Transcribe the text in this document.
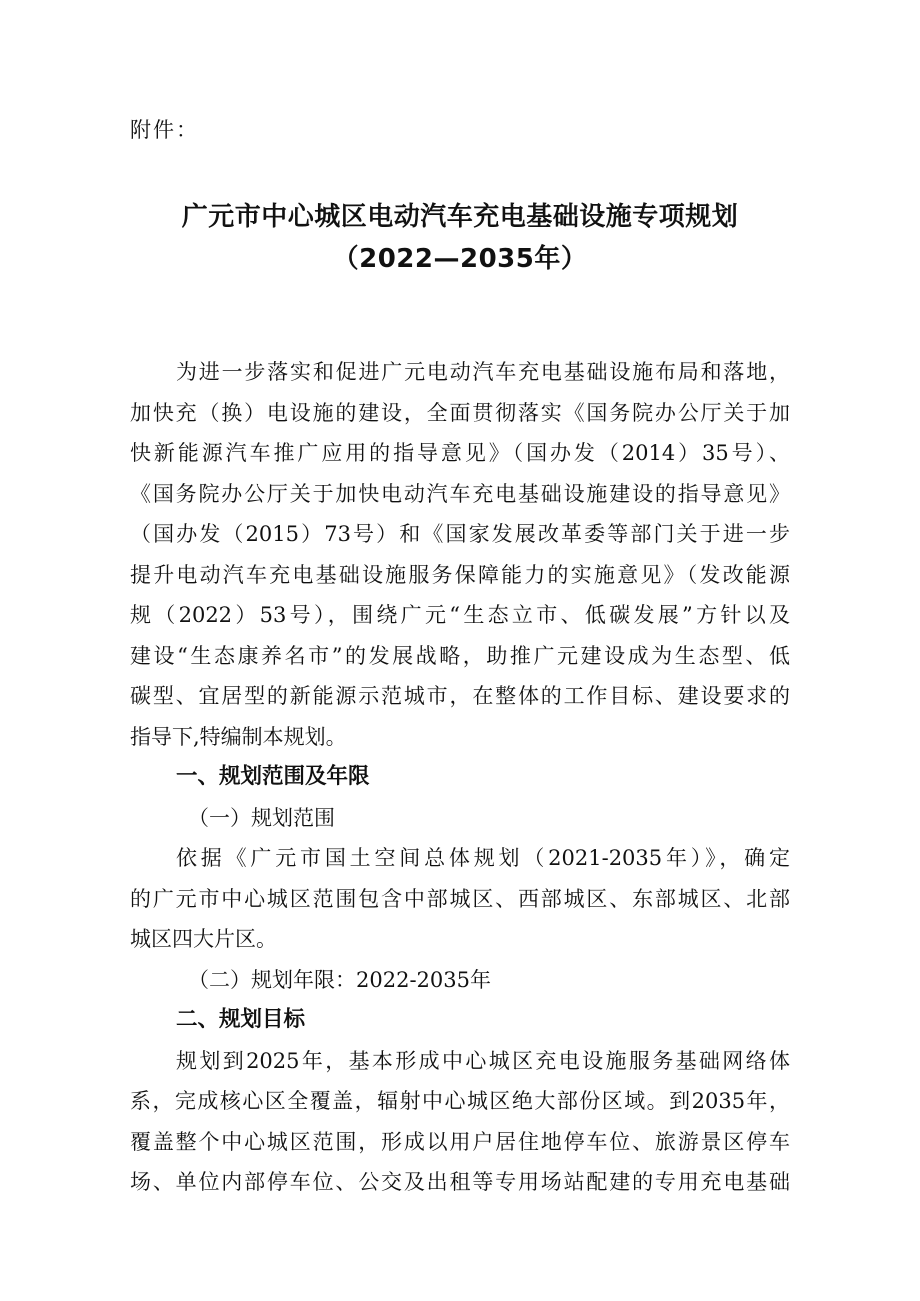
附件：
广元市中心城区电动汽车充电基础设施专项规划
（2022—2035年）
为进一步落实和促进广元电动汽车充电基础设施布局和落地，
加快充（换）电设施的建设，全面贯彻落实《国务院办公厅关于加
快新能源汽车推广应用的指导意见》（国办发（2014）35号）、
《国务院办公厅关于加快电动汽车充电基础设施建设的指导意见》
（国办发（2015）73号）和《国家发展改革委等部门关于进一步
提升电动汽车充电基础设施服务保障能力的实施意见》（发改能源
规（2022）53号），围绕广元“生态立市、低碳发展”方针以及
建设“生态康养名市”的发展战略，助推广元建设成为生态型、低
碳型、宜居型的新能源示范城市，在整体的工作目标、建设要求的
指导下,特编制本规划。
一、规划范围及年限
（一）规划范围
依据《广元市国土空间总体规划（2021-2035年）》，确定
的广元市中心城区范围包含中部城区、西部城区、东部城区、北部
城区四大片区。
（二）规划年限：2022-2035年
二、规划目标
规划到2025年，基本形成中心城区充电设施服务基础网络体
系，完成核心区全覆盖，辐射中心城区绝大部份区域。到2035年，
覆盖整个中心城区范围，形成以用户居住地停车位、旅游景区停车
场、单位内部停车位、公交及出租等专用场站配建的专用充电基础
